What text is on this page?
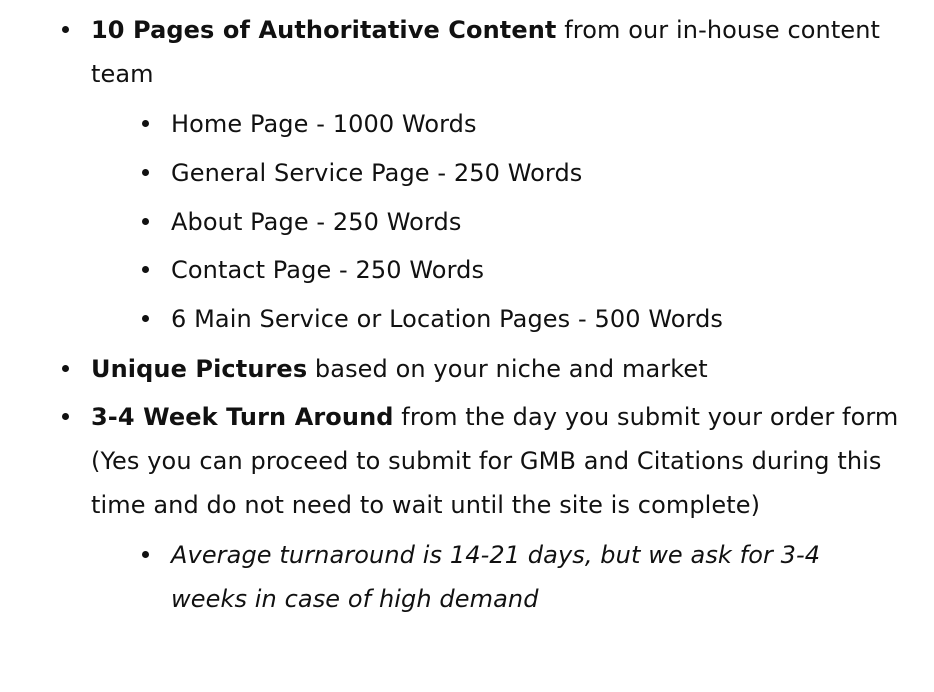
10 Pages of Authoritative Content from our in-house content team
Home Page - 1000 Words
General Service Page - 250 Words
About Page - 250 Words
Contact Page - 250 Words
6 Main Service or Location Pages - 500 Words
Unique Pictures based on your niche and market
3-4 Week Turn Around from the day you submit your order form (Yes you can proceed to submit for GMB and Citations during this time and do not need to wait until the site is complete)
Average turnaround is 14-21 days, but we ask for 3-4 weeks in case of high demand
